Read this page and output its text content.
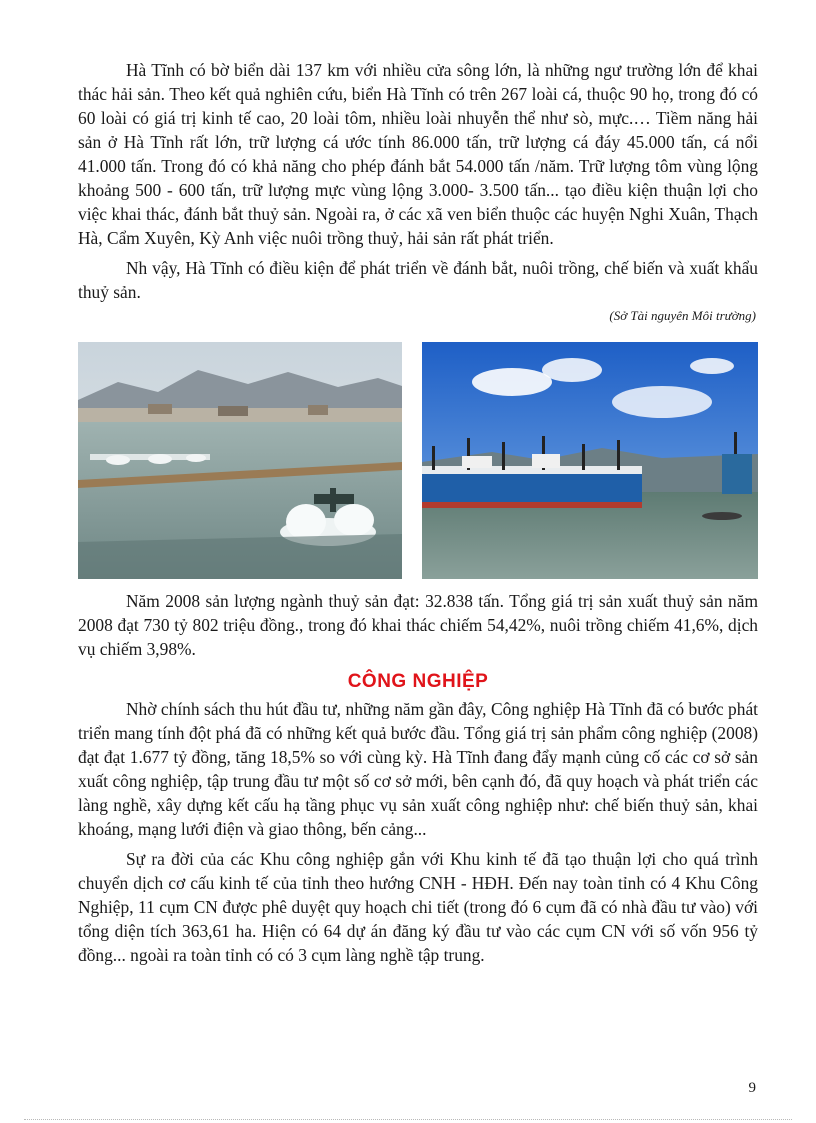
Hà Tĩnh có bờ biển dài 137 km với nhiều cửa sông lớn, là những ngư trường lớn để khai thác hải sản. Theo kết quả nghiên cứu, biển Hà Tĩnh có trên 267 loài cá, thuộc 90 họ, trong đó có 60 loài có giá trị kinh tế cao, 20 loài tôm, nhiều loài nhuyễn thể như sò, mực.… Tiềm năng hải sản ở Hà Tĩnh rất lớn, trữ lượng cá ước tính 86.000 tấn, trữ lượng cá đáy 45.000 tấn, cá nổi 41.000 tấn. Trong đó có khả năng cho phép đánh bắt 54.000 tấn /năm. Trữ lượng tôm vùng lộng khoảng 500 - 600 tấn, trữ lượng mực vùng lộng 3.000- 3.500 tấn... tạo điều kiện thuận lợi cho việc khai thác, đánh bắt thuỷ sản. Ngoài ra, ở các xã ven biển thuộc các huyện Nghi Xuân, Thạch Hà, Cẩm Xuyên, Kỳ Anh việc nuôi trồng thuỷ, hải sản rất phát triển.

Nh vậy, Hà Tĩnh có điều kiện để phát triển về đánh bắt, nuôi trồng, chế biến và xuất khẩu thuỷ sản.

(Sở Tài nguyên Môi trường)

Năm 2008 sản lượng ngành thuỷ sản đạt: 32.838 tấn. Tổng giá trị sản xuất thuỷ sản năm 2008 đạt 730 tỷ 802 triệu đồng., trong đó khai thác chiếm 54,42%, nuôi trồng chiếm 41,6%, dịch vụ chiếm 3,98%.

CÔNG NGHIỆP

Nhờ chính sách thu hút đầu tư, những năm gần đây, Công nghiệp Hà Tĩnh đã có bước phát triển mang tính đột phá đã có những kết quả bước đầu. Tổng giá trị sản phẩm công nghiệp (2008) đạt đạt 1.677 tỷ đồng, tăng 18,5% so với cùng kỳ. Hà Tĩnh đang đẩy mạnh củng cố các cơ sở sản xuất công nghiệp, tập trung đầu tư một số cơ sở mới, bên cạnh đó, đã quy hoạch và phát triển các làng nghề, xây dựng kết cấu hạ tầng phục vụ sản xuất công nghiệp như: chế biến thuỷ sản, khai khoáng, mạng lưới điện và giao thông, bến cảng...

Sự ra đời của các Khu công nghiệp gắn với Khu kinh tế đã tạo thuận lợi cho quá trình chuyển dịch cơ cấu kinh tế của tỉnh theo hướng CNH - HĐH. Đến nay toàn tỉnh có 4 Khu Công Nghiệp, 11 cụm CN được phê duyệt quy hoạch chi tiết (trong đó 6 cụm đã có nhà đầu tư vào) với tổng diện tích 363,61 ha. Hiện có 64 dự án đăng ký đầu tư vào các cụm CN với số vốn 956 tỷ đồng... ngoài ra toàn tỉnh có có 3 cụm làng nghề tập trung.

9
